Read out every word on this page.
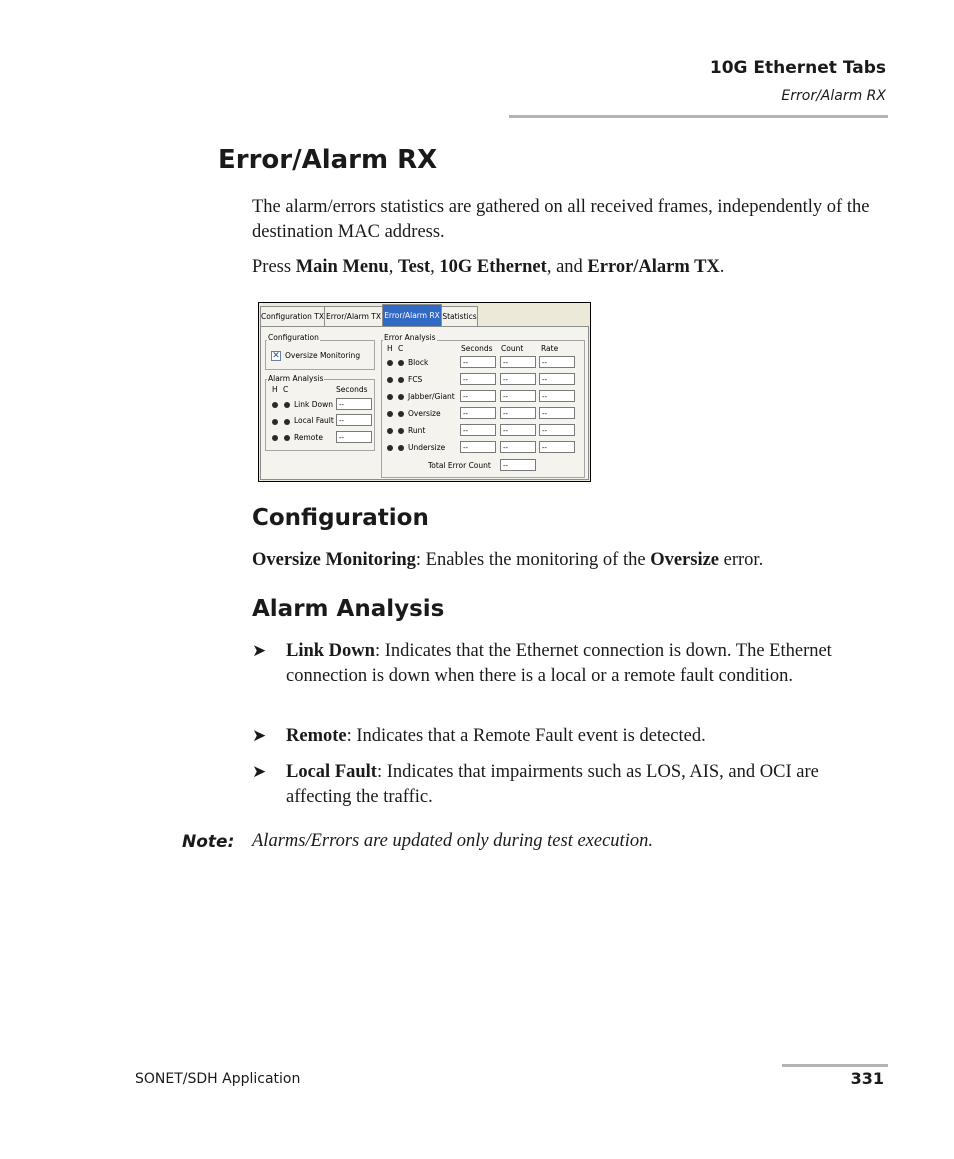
10G Ethernet Tabs
Error/Alarm RX
Error/Alarm RX
The alarm/errors statistics are gathered on all received frames, independently of the destination MAC address.
Press Main Menu, Test, 10G Ethernet, and Error/Alarm TX.
Configuration TX Error/Alarm TX Error/Alarm RX Statistics
Configuration
✕ Oversize Monitoring
Alarm Analysis
H C	Seconds
Link Down --
Local Fault --
Remote	--
Error Analysis
H C	Seconds Count Rate
Block	--	--	--
FCS	--	--	--
Jabber/Giant	--	--	--
Oversize	--	--	--
Runt	--	--	--
Undersize	--	--	--
Total Error Count	--
Configuration
Oversize Monitoring: Enables the monitoring of the Oversize error.
Alarm Analysis
➤ Link Down: Indicates that the Ethernet connection is down. The Ethernet connection is down when there is a local or a remote fault condition.
➤ Remote: Indicates that a Remote Fault event is detected.
➤ Local Fault: Indicates that impairments such as LOS, AIS, and OCI are affecting the traffic.
Note: Alarms/Errors are updated only during test execution.
SONET/SDH Application	331
